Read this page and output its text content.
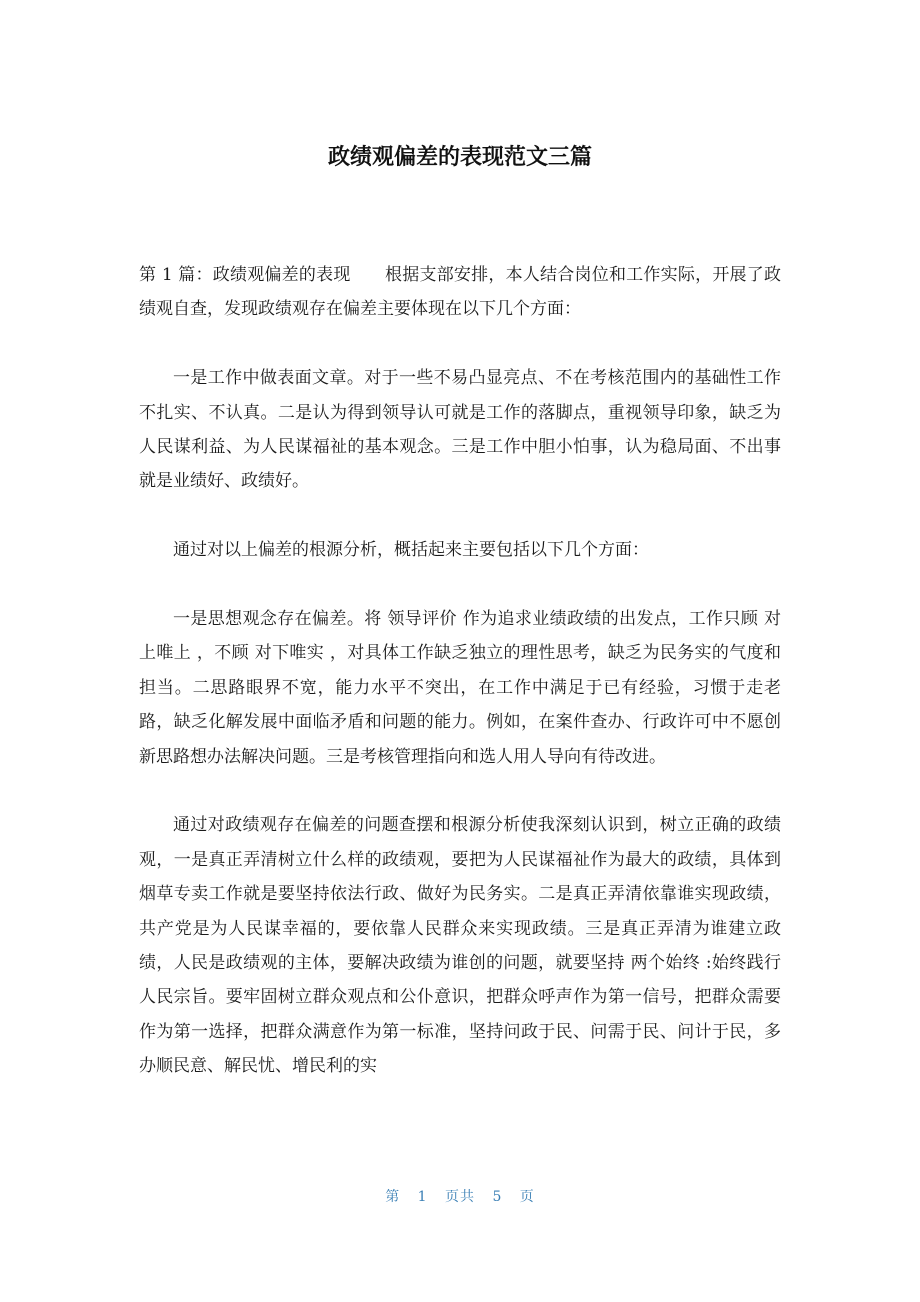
政绩观偏差的表现范文三篇

第 1 篇：政绩观偏差的表现　　根据支部安排，本人结合岗位和工作实际，开展了政绩观自查，发现政绩观存在偏差主要体现在以下几个方面：

一是工作中做表面文章。对于一些不易凸显亮点、不在考核范围内的基础性工作不扎实、不认真。二是认为得到领导认可就是工作的落脚点，重视领导印象，缺乏为人民谋利益、为人民谋福祉的基本观念。三是工作中胆小怕事，认为稳局面、不出事就是业绩好、政绩好。

通过对以上偏差的根源分析，概括起来主要包括以下几个方面：

一是思想观念存在偏差。将 领导评价 作为追求业绩政绩的出发点，工作只顾 对上唯上 ，不顾 对下唯实 ，对具体工作缺乏独立的理性思考，缺乏为民务实的气度和担当。二思路眼界不宽，能力水平不突出，在工作中满足于已有经验，习惯于走老路，缺乏化解发展中面临矛盾和问题的能力。例如，在案件查办、行政许可中不愿创新思路想办法解决问题。三是考核管理指向和选人用人导向有待改进。

通过对政绩观存在偏差的问题查摆和根源分析使我深刻认识到，树立正确的政绩观，一是真正弄清树立什么样的政绩观，要把为人民谋福祉作为最大的政绩，具体到烟草专卖工作就是要坚持依法行政、做好为民务实。二是真正弄清依靠谁实现政绩，共产党是为人民谋幸福的，要依靠人民群众来实现政绩。三是真正弄清为谁建立政绩，人民是政绩观的主体，要解决政绩为谁创的问题，就要坚持 两个始终 :始终践行人民宗旨。要牢固树立群众观点和公仆意识，把群众呼声作为第一信号，把群众需要作为第一选择，把群众满意作为第一标准，坚持问政于民、问需于民、问计于民，多办顺民意、解民忧、增民利的实

第 1 页共 5 页
